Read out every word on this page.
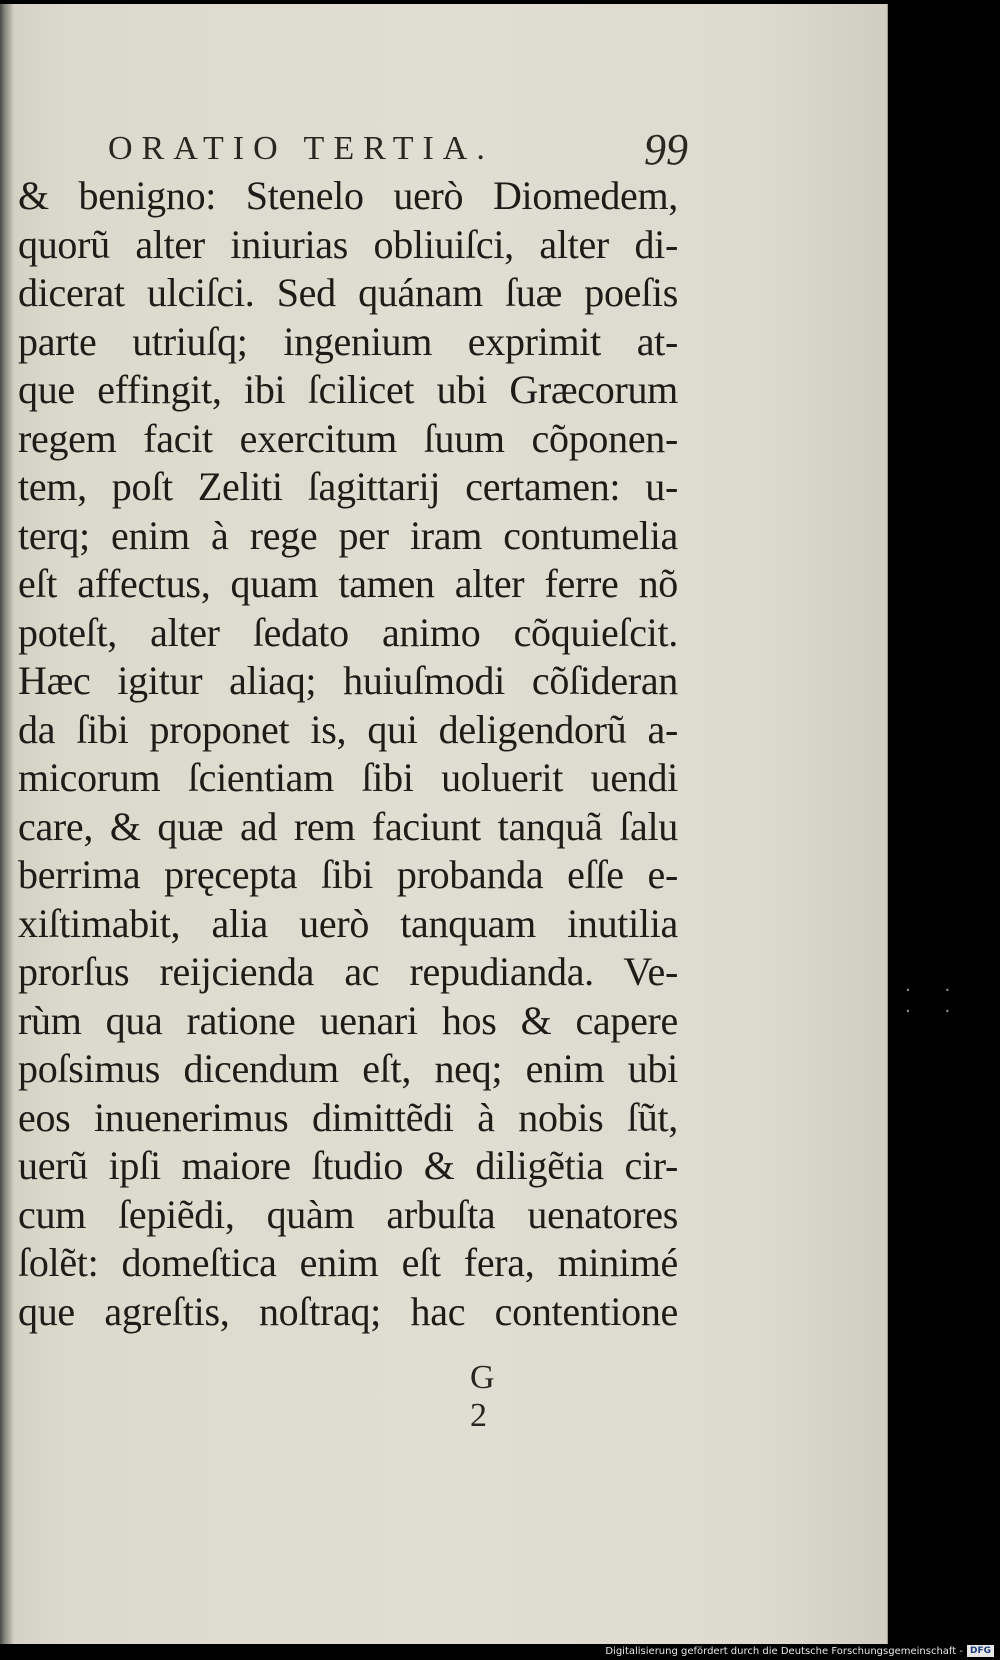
ORATIO TERTIA.	99
& benigno: Stenelo uerò Diomedem,
quorũ alter iniurias obliuiſci, alter di-
dicerat ulciſci. Sed quánam ſuæ poeſis
parte utriuſq; ingenium exprimit at-
que effingit, ibi ſcilicet ubi Græcorum
regem facit exercitum ſuum cõponen-
tem, poſt Zeliti ſagittarij certamen: u-
terq; enim à rege per iram contumelia
eſt affectus, quam tamen alter ferre nõ
poteſt, alter ſedato animo cõquieſcit.
Hæc igitur aliaq; huiuſmodi cõſideran
da ſibi proponet is, qui deligendorũ a-
micorum ſcientiam ſibi uoluerit uendi
care, & quæ ad rem faciunt tanquã ſalu
berrima pręcepta ſibi probanda eſſe e-
xiſtimabit, alia uerò tanquam inutilia
prorſus reijcienda ac repudianda. Ve-
rùm qua ratione uenari hos & capere
poſsimus dicendum eſt, neq; enim ubi
eos inuenerimus dimittẽdi à nobis ſũt,
uerũ ipſi maiore ſtudio & diligẽtia cir-
cum ſepiẽdi, quàm arbuſta uenatores
ſolẽt: domeſtica enim eſt fera, minimé
que agreſtis, noſtraq; hac contentione
G 2
· · · ·
Digitalisierung gefördert durch die Deutsche Forschungsgemeinschaft - DFG
